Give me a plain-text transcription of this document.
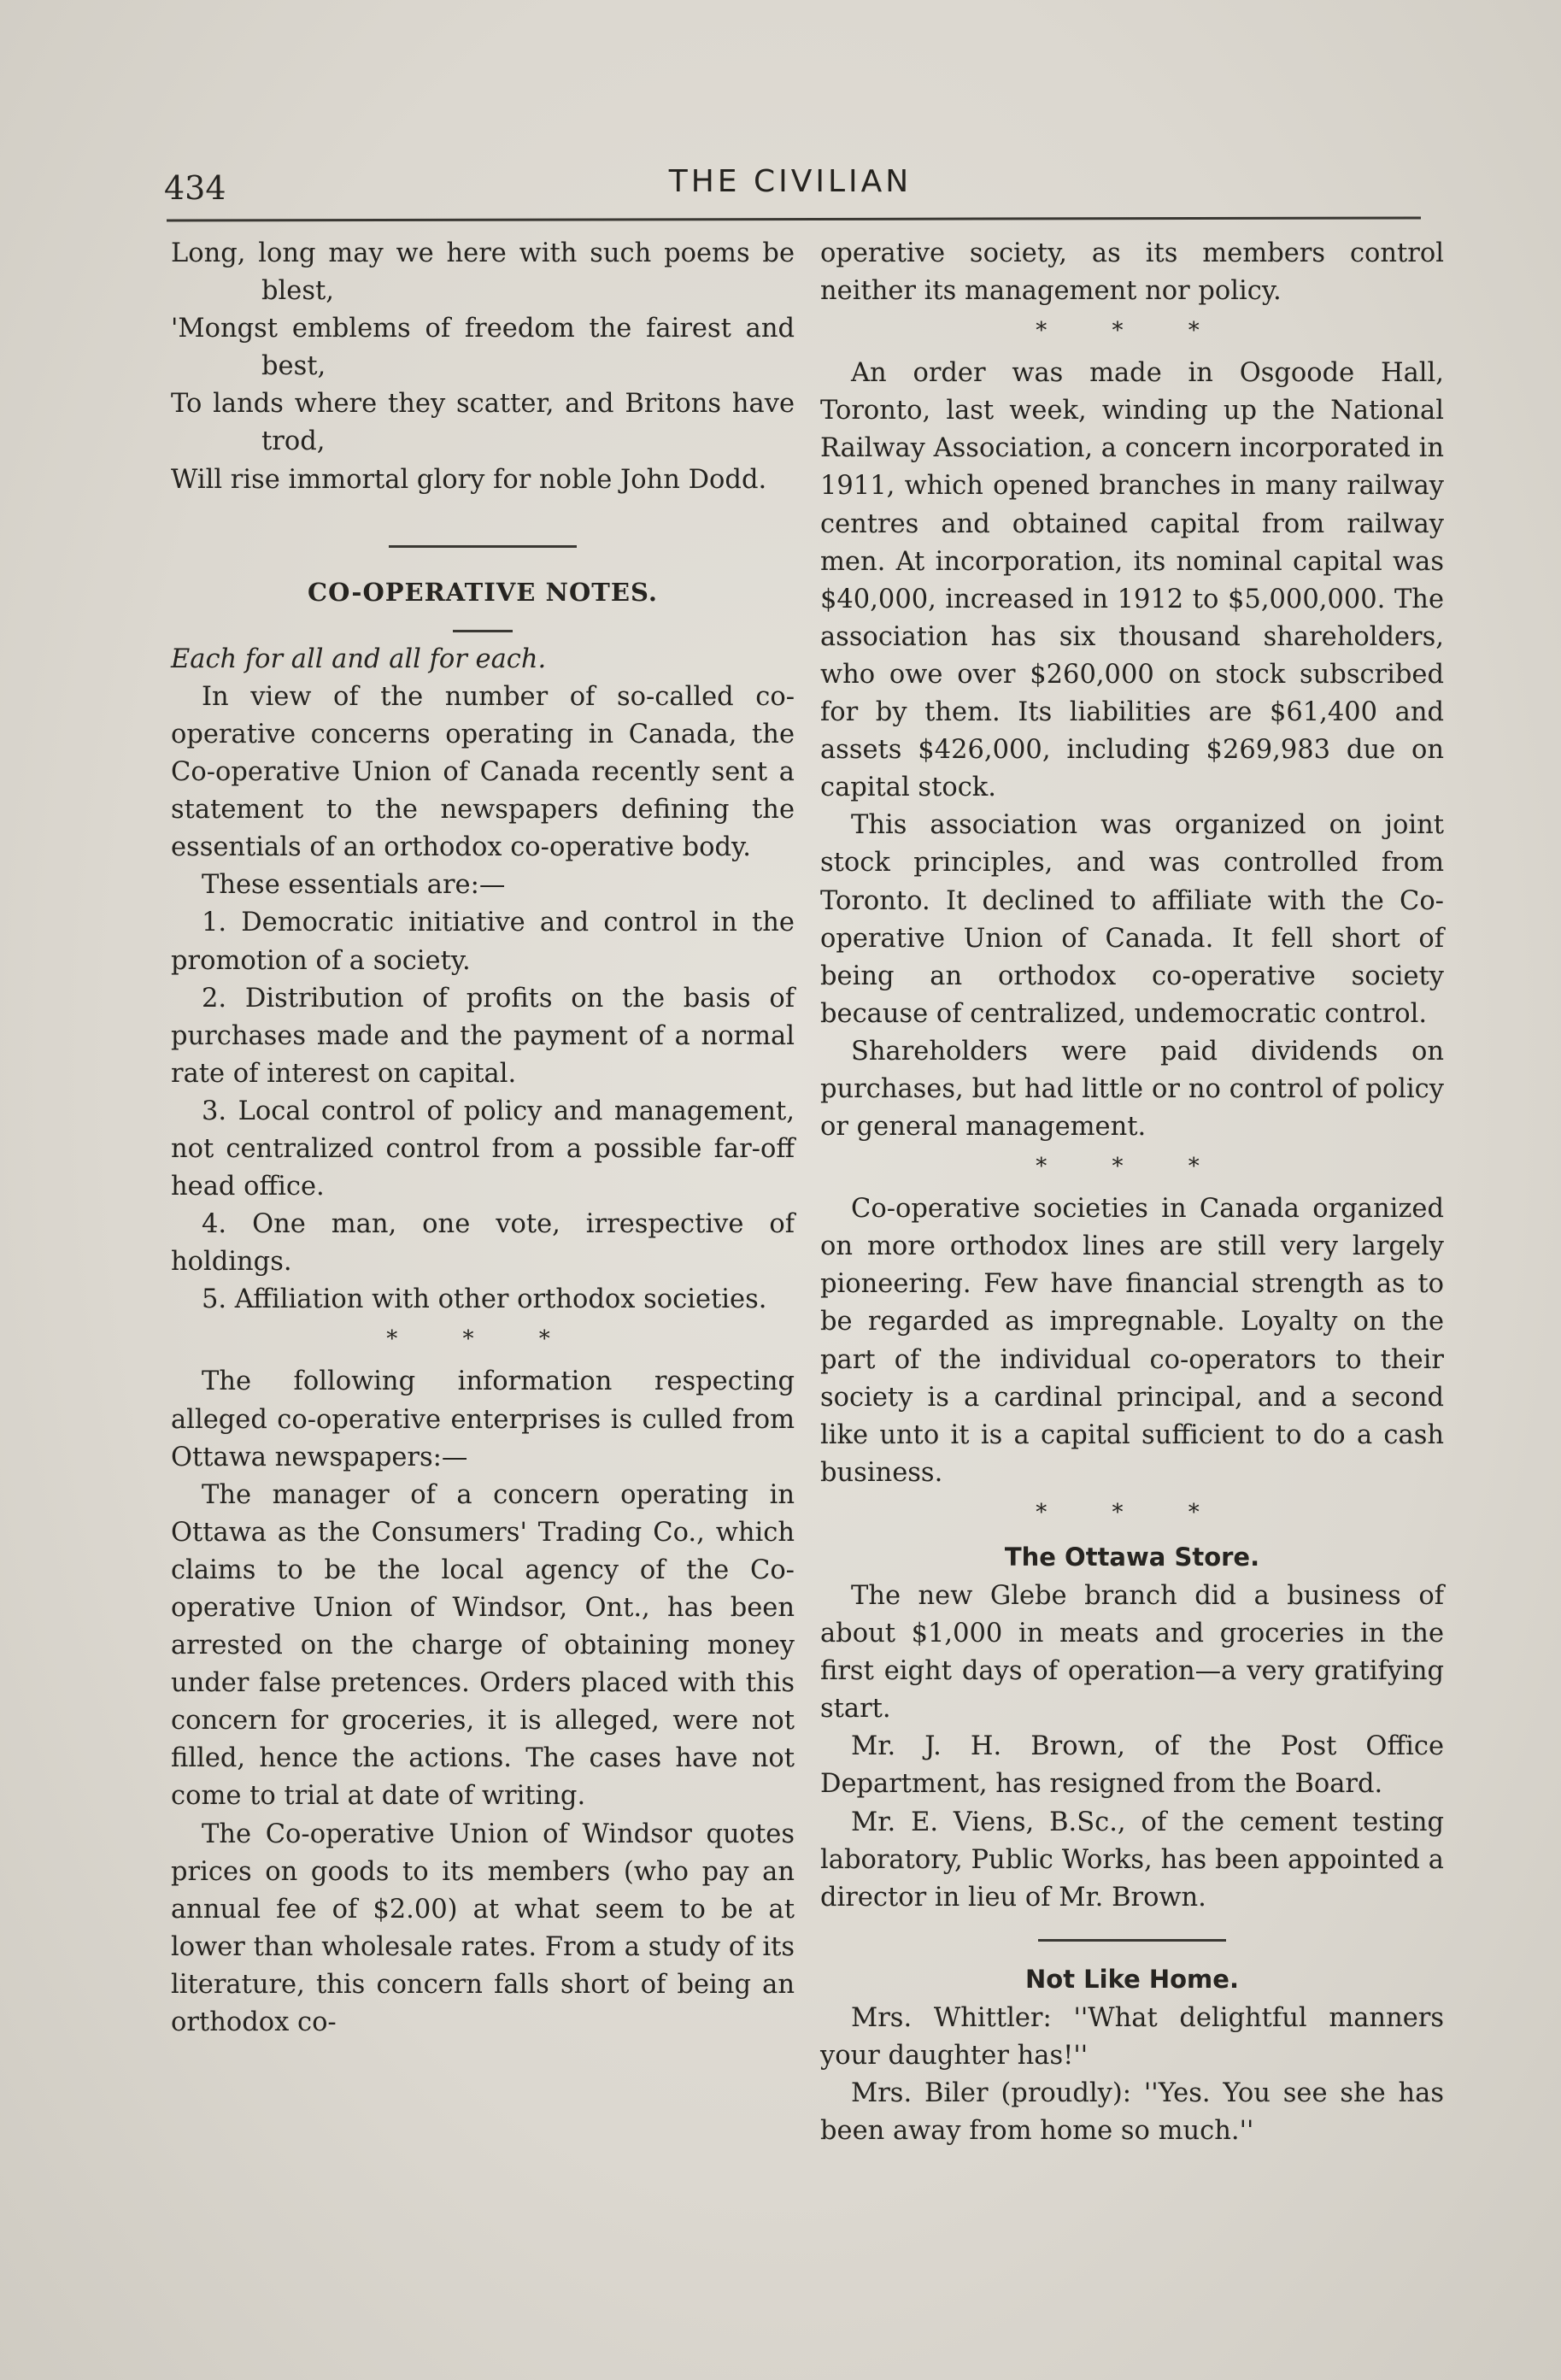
434	THE CIVILIAN

Long, long may we here with such poems be blest,

'Mongst emblems of freedom the fairest and best,

To lands where they scatter, and Britons have trod,

Will rise immortal glory for noble John Dodd.

CO-OPERATIVE NOTES.

Each for all and all for each.

In view of the number of so-called co-operative concerns operating in Canada, the Co-operative Union of Canada recently sent a statement to the newspapers defining the essentials of an orthodox co-operative body.

These essentials are:—

1. Democratic initiative and control in the promotion of a society.

2. Distribution of profits on the basis of purchases made and the payment of a normal rate of interest on capital.

3. Local control of policy and management, not centralized control from a possible far-off head office.

4. One man, one vote, irrespective of holdings.

5. Affiliation with other orthodox societies.

* * *

The following information respecting alleged co-operative enterprises is culled from Ottawa newspapers:—

The manager of a concern operating in Ottawa as the Consumers' Trading Co., which claims to be the local agency of the Co-operative Union of Windsor, Ont., has been arrested on the charge of obtaining money under false pretences. Orders placed with this concern for groceries, it is alleged, were not filled, hence the actions. The cases have not come to trial at date of writing.

The Co-operative Union of Windsor quotes prices on goods to its members (who pay an annual fee of $2.00) at what seem to be at lower than wholesale rates. From a study of its literature, this concern falls short of being an orthodox co-

operative society, as its members control neither its management nor policy.

* * *

An order was made in Osgoode Hall, Toronto, last week, winding up the National Railway Association, a concern incorporated in 1911, which opened branches in many railway centres and obtained capital from railway men. At incorporation, its nominal capital was $40,000, increased in 1912 to $5,000,000. The association has six thousand shareholders, who owe over $260,000 on stock subscribed for by them. Its liabilities are $61,400 and assets $426,000, including $269,983 due on capital stock.

This association was organized on joint stock principles, and was controlled from Toronto. It declined to affiliate with the Co-operative Union of Canada. It fell short of being an orthodox co-operative society because of centralized, undemocratic control.

Shareholders were paid dividends on purchases, but had little or no control of policy or general management.

* * *

Co-operative societies in Canada organized on more orthodox lines are still very largely pioneering. Few have financial strength as to be regarded as impregnable. Loyalty on the part of the individual co-operators to their society is a cardinal principal, and a second like unto it is a capital sufficient to do a cash business.

* * *
The Ottawa Store.

The new Glebe branch did a business of about $1,000 in meats and groceries in the first eight days of operation—a very gratifying start.

Mr. J. H. Brown, of the Post Office Department, has resigned from the Board.

Mr. E. Viens, B.Sc., of the cement testing laboratory, Public Works, has been appointed a director in lieu of Mr. Brown.

Not Like Home.

Mrs. Whittler: ''What delightful manners your daughter has!''

Mrs. Biler (proudly): ''Yes. You see she has been away from home so much.''
